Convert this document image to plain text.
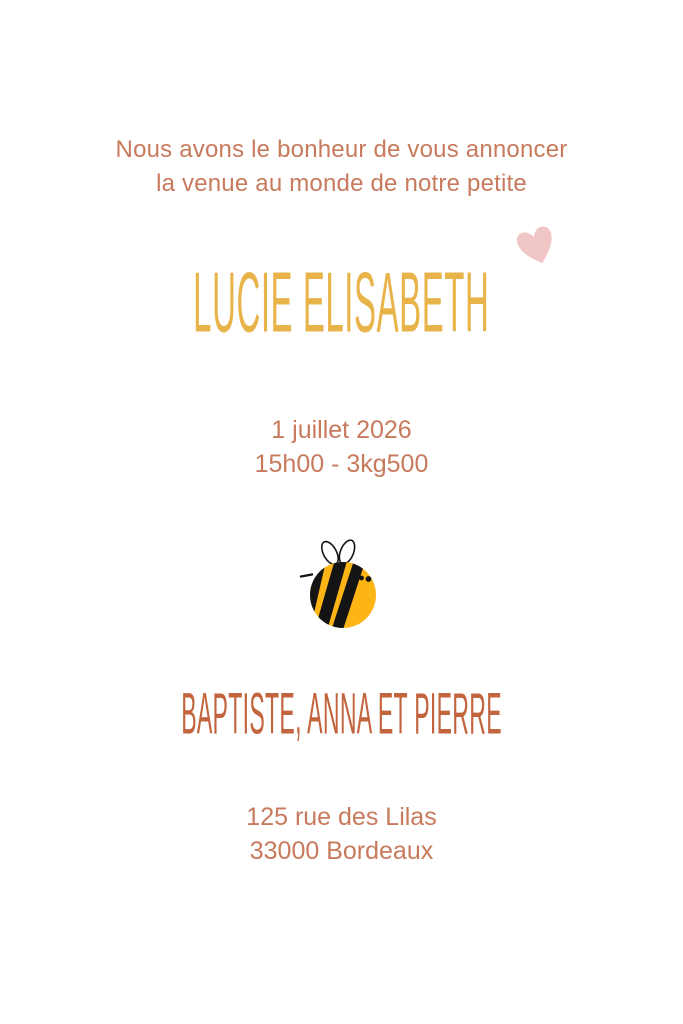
Nous avons le bonheur de vous annoncer
la venue au monde de notre petite
LUCIE ELISABETH
1 juillet 2026
15h00 - 3kg500
BAPTISTE, ANNA ET PIERRE
125 rue des Lilas
33000 Bordeaux
